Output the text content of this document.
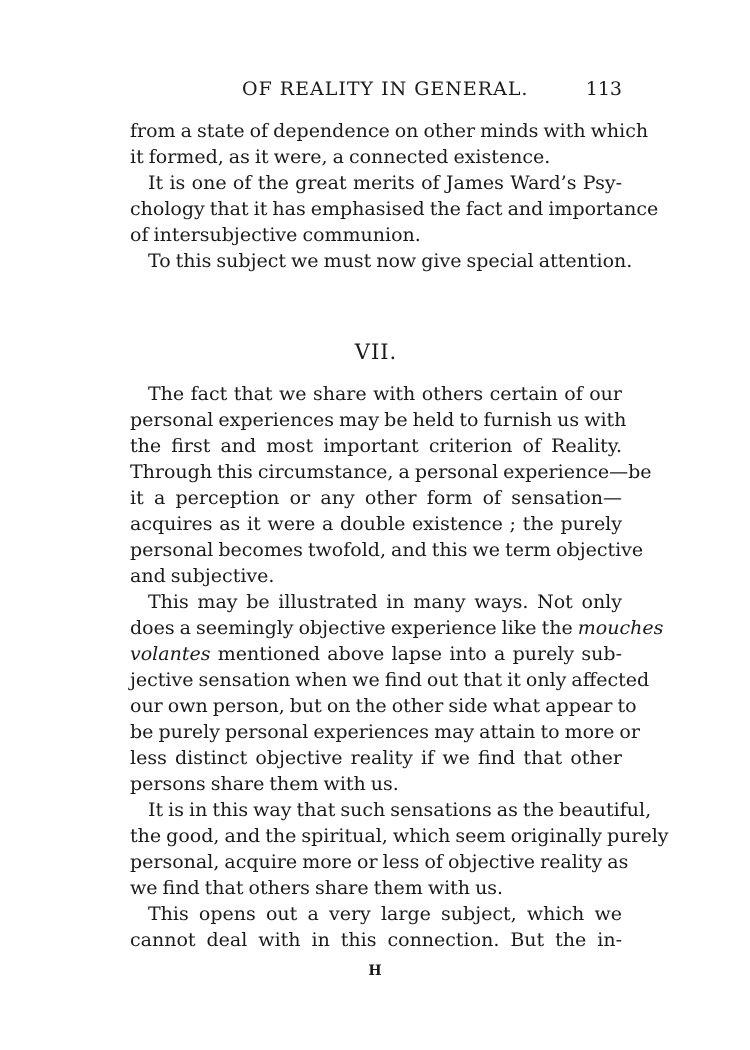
OF REALITY IN GENERAL.	113
from a state of dependence on other minds with which
it formed, as it were, a connected existence.
It is one of the great merits of James Ward’s Psy-
chology that it has emphasised the fact and importance
of intersubjective communion.
To this subject we must now give special attention.
VII.
The fact that we share with others certain of our
personal experiences may be held to furnish us with
the first and most important criterion of Reality.
Through this circumstance, a personal experience—be
it a perception or any other form of sensation—
acquires as it were a double existence ; the purely
personal becomes twofold, and this we term objective
and subjective.
This may be illustrated in many ways. Not only
does a seemingly objective experience like the mouches
volantes mentioned above lapse into a purely sub-
jective sensation when we find out that it only affected
our own person, but on the other side what appear to
be purely personal experiences may attain to more or
less distinct objective reality if we find that other
persons share them with us.
It is in this way that such sensations as the beautiful,
the good, and the spiritual, which seem originally purely
personal, acquire more or less of objective reality as
we find that others share them with us.
This opens out a very large subject, which we
cannot deal with in this connection. But the in-
H
